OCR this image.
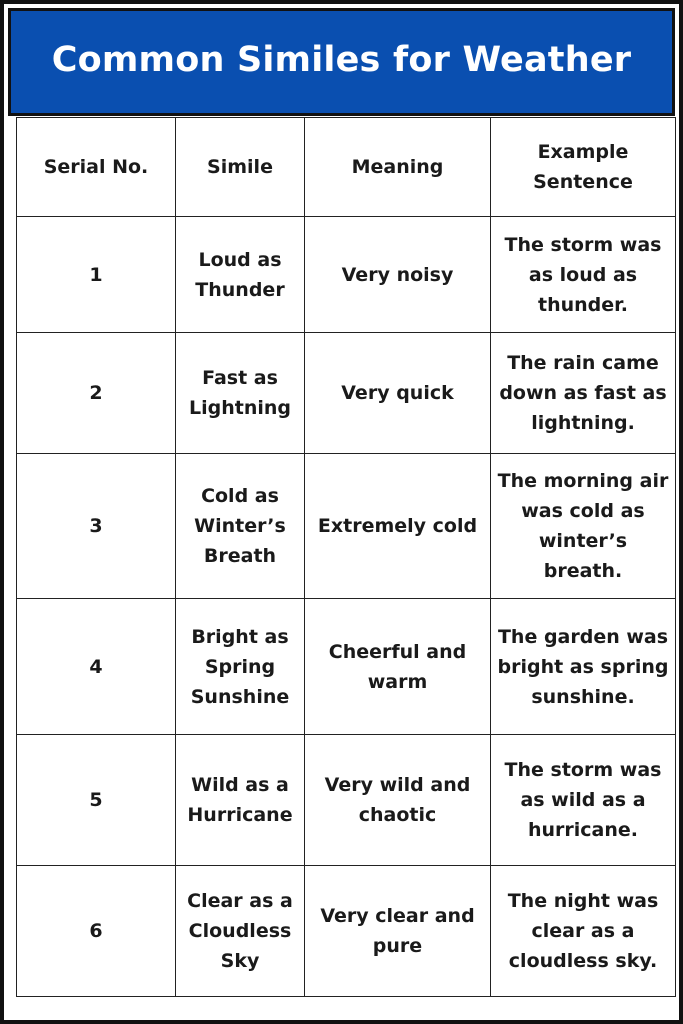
Common Similes for Weather
Serial No.	Simile	Meaning	Example Sentence
1	Loud as Thunder	Very noisy	The storm was as loud as thunder.
2	Fast as Lightning	Very quick	The rain came down as fast as lightning.
3	Cold as Winter’s Breath	Extremely cold	The morning air was cold as winter’s breath.
4	Bright as Spring Sunshine	Cheerful and warm	The garden was bright as spring sunshine.
5	Wild as a Hurricane	Very wild and chaotic	The storm was as wild as a hurricane.
6	Clear as a Cloudless Sky	Very clear and pure	The night was clear as a cloudless sky.
